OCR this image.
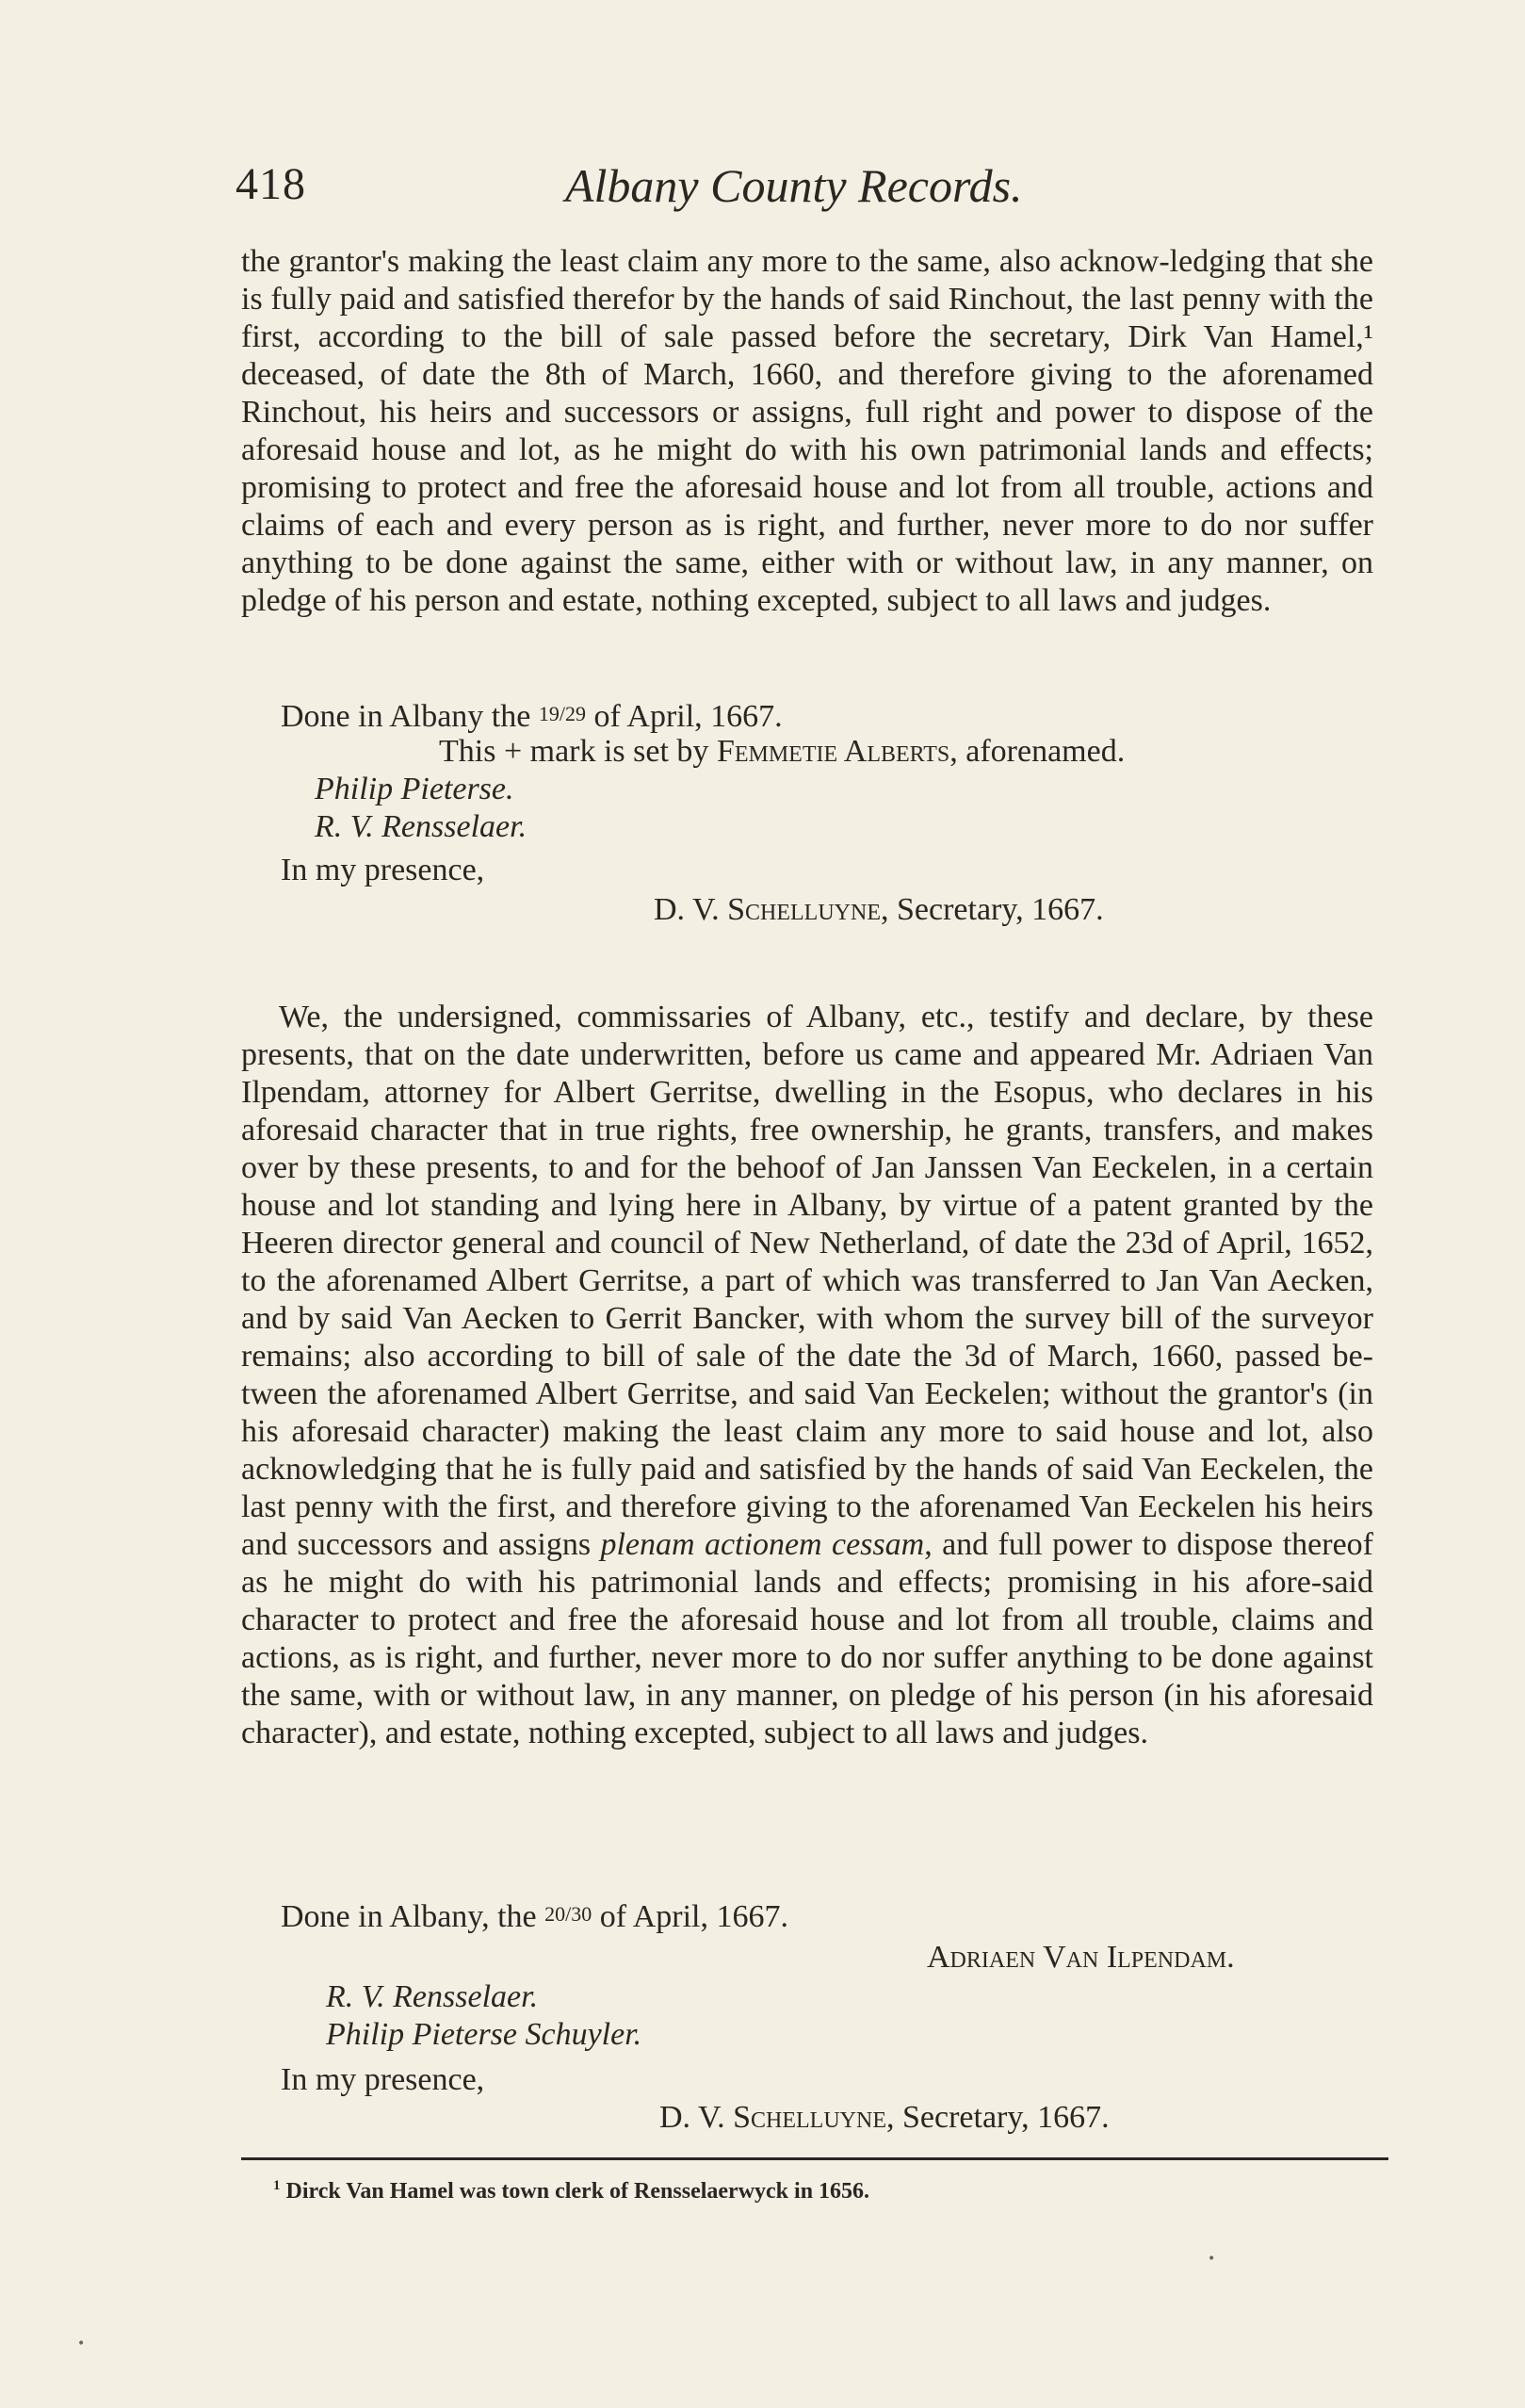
418	Albany County Records.

the grantor's making the least claim any more to the same, also acknow-ledging that she is fully paid and satisfied therefor by the hands of said Rinchout, the last penny with the first, according to the bill of sale passed before the secretary, Dirk Van Hamel,¹ deceased, of date the 8th of March, 1660, and therefore giving to the aforenamed Rinchout, his heirs and successors or assigns, full right and power to dispose of the aforesaid house and lot, as he might do with his own patrimonial lands and effects; promising to protect and free the aforesaid house and lot from all trouble, actions and claims of each and every person as is right, and further, never more to do nor suffer anything to be done against the same, either with or without law, in any manner, on pledge of his person and estate, nothing excepted, subject to all laws and judges.

Done in Albany the 19/29 of April, 1667.
This + mark is set by Femmetie Alberts, aforenamed.
Philip Pieterse.
R. V. Rensselaer.
In my presence,
D. V. Schelluyne, Secretary, 1667.

We, the undersigned, commissaries of Albany, etc., testify and declare, by these presents, that on the date underwritten, before us came and appeared Mr. Adriaen Van Ilpendam, attorney for Albert Gerritse, dwelling in the Esopus, who declares in his aforesaid character that in true rights, free ownership, he grants, transfers, and makes over by these presents, to and for the behoof of Jan Janssen Van Eeckelen, in a certain house and lot standing and lying here in Albany, by virtue of a patent granted by the Heeren director general and council of New Netherland, of date the 23d of April, 1652, to the aforenamed Albert Gerritse, a part of which was transferred to Jan Van Aecken, and by said Van Aecken to Gerrit Bancker, with whom the survey bill of the surveyor remains; also according to bill of sale of the date the 3d of March, 1660, passed be-tween the aforenamed Albert Gerritse, and said Van Eeckelen; without the grantor's (in his aforesaid character) making the least claim any more to said house and lot, also acknowledging that he is fully paid and satisfied by the hands of said Van Eeckelen, the last penny with the first, and therefore giving to the aforenamed Van Eeckelen his heirs and successors and assigns plenam actionem cessam, and full power to dispose thereof as he might do with his patrimonial lands and effects; promising in his afore-said character to protect and free the aforesaid house and lot from all trouble, claims and actions, as is right, and further, never more to do nor suffer anything to be done against the same, with or without law, in any manner, on pledge of his person (in his aforesaid character), and estate, nothing excepted, subject to all laws and judges.

Done in Albany, the 20/30 of April, 1667.
Adriaen Van Ilpendam.
R. V. Rensselaer.
Philip Pieterse Schuyler.
In my presence,
D. V. Schelluyne, Secretary, 1667.
$^1$ Dirck Van Hamel was town clerk of Rensselaerwyck in 1656.
•
•
